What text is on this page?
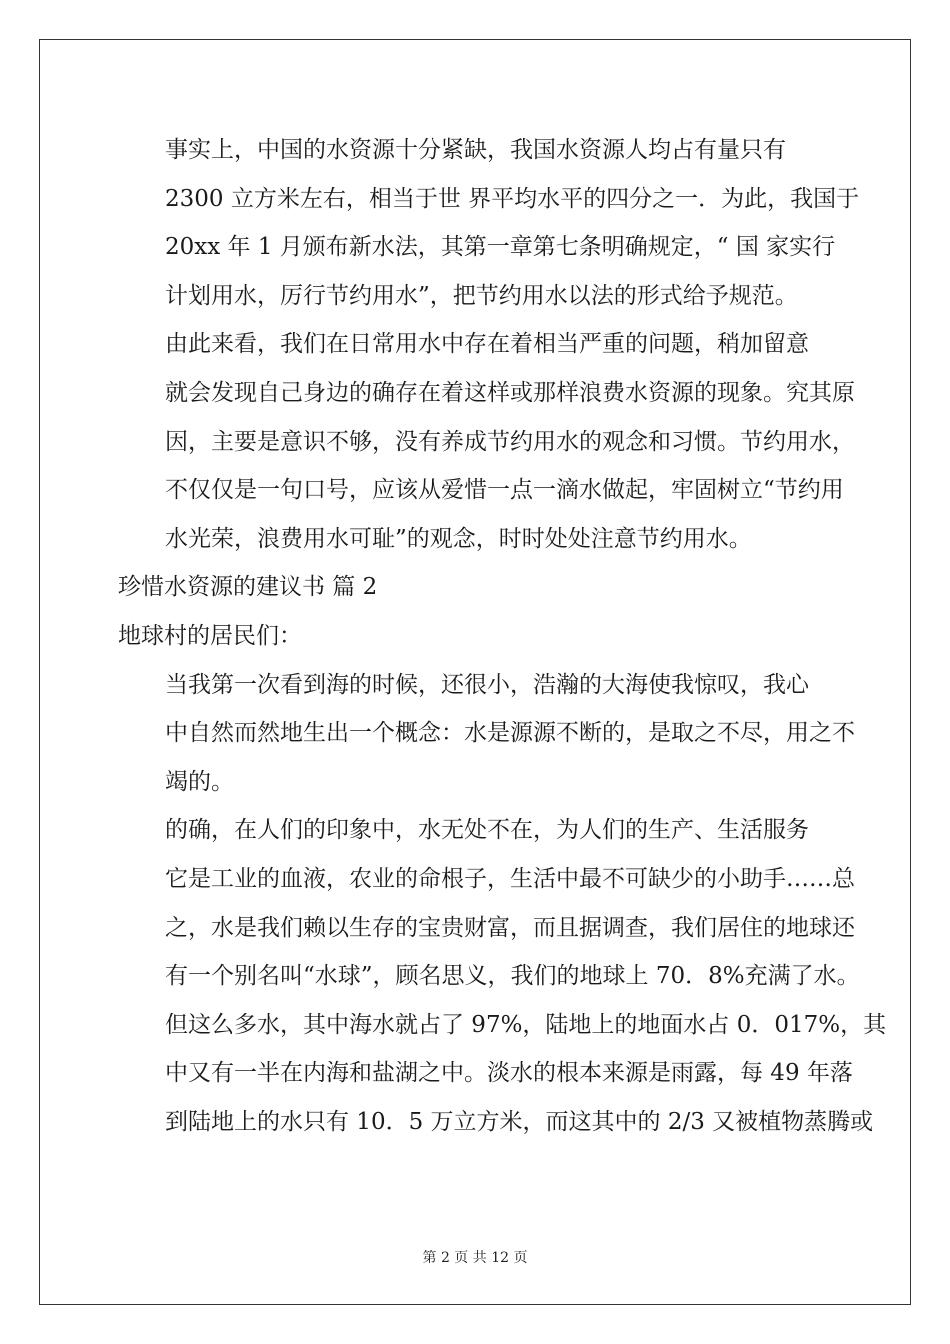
事实上，中国的水资源十分紧缺，我国水资源人均占有量只有
2300 立方米左右，相当于世 界平均水平的四分之一．为此，我国于
20xx 年 1 月颁布新水法，其第一章第七条明确规定，“ 国 家实行
计划用水，厉行节约用水”，把节约用水以法的形式给予规范。

由此来看，我们在日常用水中存在着相当严重的问题，稍加留意
就会发现自己身边的确存在着这样或那样浪费水资源的现象。究其原
因，主要是意识不够，没有养成节约用水的观念和习惯。节约用水，
不仅仅是一句口号，应该从爱惜一点一滴水做起，牢固树立“节约用
水光荣，浪费用水可耻”的观念，时时处处注意节约用水。

珍惜水资源的建议书 篇 2

地球村的居民们：

当我第一次看到海的时候，还很小，浩瀚的大海使我惊叹，我心
中自然而然地生出一个概念：水是源源不断的，是取之不尽，用之不
竭的。

的确，在人们的印象中，水无处不在，为人们的生产、生活服务
它是工业的血液，农业的命根子，生活中最不可缺少的小助手……总
之，水是我们赖以生存的宝贵财富，而且据调查，我们居住的地球还
有一个别名叫“水球”，顾名思义，我们的地球上 70．8%充满了水。
但这么多水，其中海水就占了 97%，陆地上的地面水占 0．017%，其
中又有一半在内海和盐湖之中。淡水的根本来源是雨露，每 49 年落
到陆地上的水只有 10．5 万立方米，而这其中的 2/3 又被植物蒸腾或

第 2 页 共 12 页
